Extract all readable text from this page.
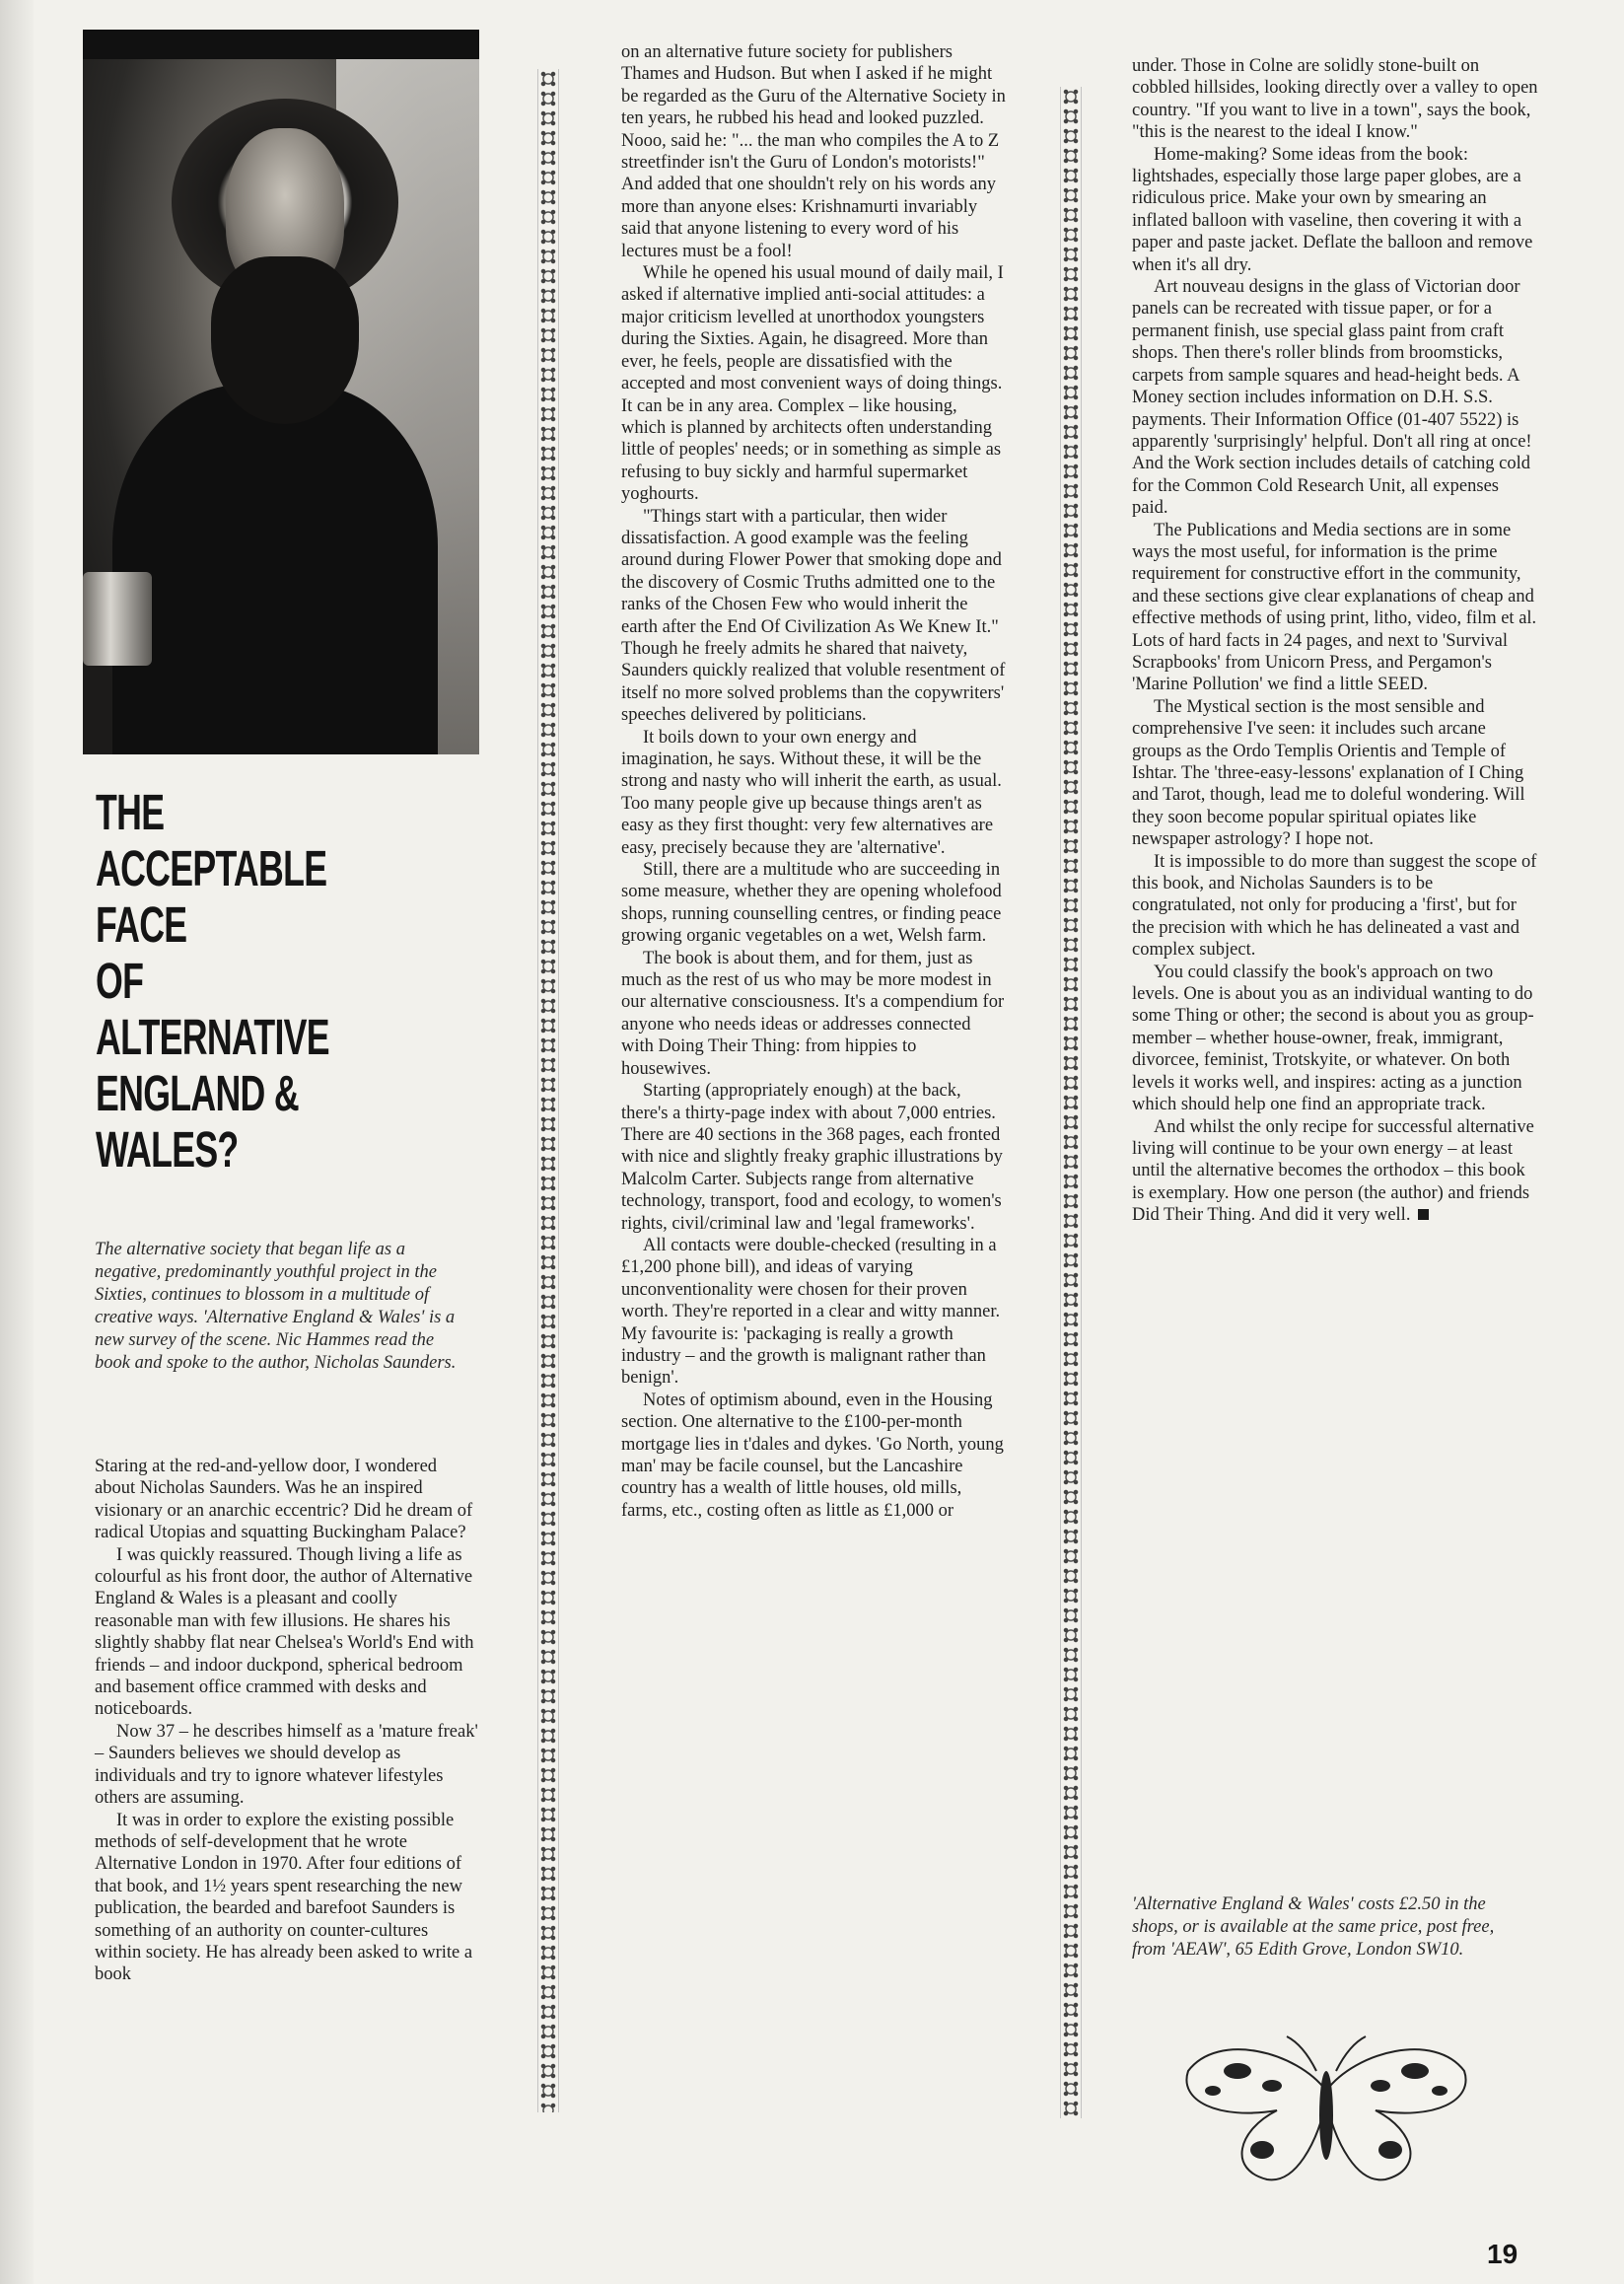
THE
ACCEPTABLE
FACE
OF
ALTERNATIVE
ENGLAND &
WALES?
The alternative society that began life as a negative, predominantly youthful project in the Sixties, continues to blossom in a multitude of creative ways. 'Alternative England & Wales' is a new survey of the scene. Nic Hammes read the book and spoke to the author, Nicholas Saunders.

Staring at the red-and-yellow door, I wondered about Nicholas Saunders. Was he an inspired visionary or an anarchic eccentric? Did he dream of radical Utopias and squatting Buckingham Palace?

I was quickly reassured. Though living a life as colourful as his front door, the author of Alternative England & Wales is a pleasant and coolly reasonable man with few illusions. He shares his slightly shabby flat near Chelsea's World's End with friends – and indoor duckpond, spherical bedroom and basement office crammed with desks and noticeboards.

Now 37 – he describes himself as a 'mature freak' – Saunders believes we should develop as individuals and try to ignore whatever lifestyles others are assuming.

It was in order to explore the existing possible methods of self-development that he wrote Alternative London in 1970. After four editions of that book, and 1½ years spent researching the new publication, the bearded and barefoot Saunders is something of an authority on counter-cultures within society. He has already been asked to write a book

on an alternative future society for publishers Thames and Hudson. But when I asked if he might be regarded as the Guru of the Alternative Society in ten years, he rubbed his head and looked puzzled. Nooo, said he: "... the man who compiles the A to Z streetfinder isn't the Guru of London's motorists!" And added that one shouldn't rely on his words any more than anyone elses: Krishnamurti invariably said that anyone listening to every word of his lectures must be a fool!

While he opened his usual mound of daily mail, I asked if alternative implied anti-social attitudes: a major criticism levelled at unorthodox youngsters during the Sixties. Again, he disagreed. More than ever, he feels, people are dissatisfied with the accepted and most convenient ways of doing things. It can be in any area. Complex – like housing, which is planned by architects often understanding little of peoples' needs; or in something as simple as refusing to buy sickly and harmful supermarket yoghourts.

"Things start with a particular, then wider dissatisfaction. A good example was the feeling around during Flower Power that smoking dope and the discovery of Cosmic Truths admitted one to the ranks of the Chosen Few who would inherit the earth after the End Of Civilization As We Knew It." Though he freely admits he shared that naivety, Saunders quickly realized that voluble resentment of itself no more solved problems than the copywriters' speeches delivered by politicians.

It boils down to your own energy and imagination, he says. Without these, it will be the strong and nasty who will inherit the earth, as usual. Too many people give up because things aren't as easy as they first thought: very few alternatives are easy, precisely because they are 'alternative'.

Still, there are a multitude who are succeeding in some measure, whether they are opening wholefood shops, running counselling centres, or finding peace growing organic vegetables on a wet, Welsh farm.

The book is about them, and for them, just as much as the rest of us who may be more modest in our alternative consciousness. It's a compendium for anyone who needs ideas or addresses connected with Doing Their Thing: from hippies to housewives.

Starting (appropriately enough) at the back, there's a thirty-page index with about 7,000 entries. There are 40 sections in the 368 pages, each fronted with nice and slightly freaky graphic illustrations by Malcolm Carter. Subjects range from alternative technology, transport, food and ecology, to women's rights, civil/criminal law and 'legal frameworks'.

All contacts were double-checked (resulting in a £1,200 phone bill), and ideas of varying unconventionality were chosen for their proven worth. They're reported in a clear and witty manner. My favourite is: 'packaging is really a growth industry – and the growth is malignant rather than benign'.

Notes of optimism abound, even in the Housing section. One alternative to the £100-per-month mortgage lies in t'dales and dykes. 'Go North, young man' may be facile counsel, but the Lancashire country has a wealth of little houses, old mills, farms, etc., costing often as little as £1,000 or

under. Those in Colne are solidly stone-built on cobbled hillsides, looking directly over a valley to open country. "If you want to live in a town", says the book, "this is the nearest to the ideal I know."

Home-making? Some ideas from the book: lightshades, especially those large paper globes, are a ridiculous price. Make your own by smearing an inflated balloon with vaseline, then covering it with a paper and paste jacket. Deflate the balloon and remove when it's all dry.

Art nouveau designs in the glass of Victorian door panels can be recreated with tissue paper, or for a permanent finish, use special glass paint from craft shops. Then there's roller blinds from broomsticks, carpets from sample squares and head-height beds. A Money section includes information on D.H. S.S. payments. Their Information Office (01-407 5522) is apparently 'surprisingly' helpful. Don't all ring at once! And the Work section includes details of catching cold for the Common Cold Research Unit, all expenses paid.

The Publications and Media sections are in some ways the most useful, for information is the prime requirement for constructive effort in the community, and these sections give clear explanations of cheap and effective methods of using print, litho, video, film et al. Lots of hard facts in 24 pages, and next to 'Survival Scrapbooks' from Unicorn Press, and Pergamon's 'Marine Pollution' we find a little SEED.

The Mystical section is the most sensible and comprehensive I've seen: it includes such arcane groups as the Ordo Templis Orientis and Temple of Ishtar. The 'three-easy-lessons' explanation of I Ching and Tarot, though, lead me to doleful wondering. Will they soon become popular spiritual opiates like newspaper astrology? I hope not.

It is impossible to do more than suggest the scope of this book, and Nicholas Saunders is to be congratulated, not only for producing a 'first', but for the precision with which he has delineated a vast and complex subject.

You could classify the book's approach on two levels. One is about you as an individual wanting to do some Thing or other; the second is about you as group-member – whether house-owner, freak, immigrant, divorcee, feminist, Trotskyite, or whatever. On both levels it works well, and inspires: acting as a junction which should help one find an appropriate track.

And whilst the only recipe for successful alternative living will continue to be your own energy – at least until the alternative becomes the orthodox – this book is exemplary. How one person (the author) and friends Did Their Thing. And did it very well.

'Alternative England & Wales' costs £2.50 in the shops, or is available at the same price, post free, from 'AEAW', 65 Edith Grove, London SW10.
19
